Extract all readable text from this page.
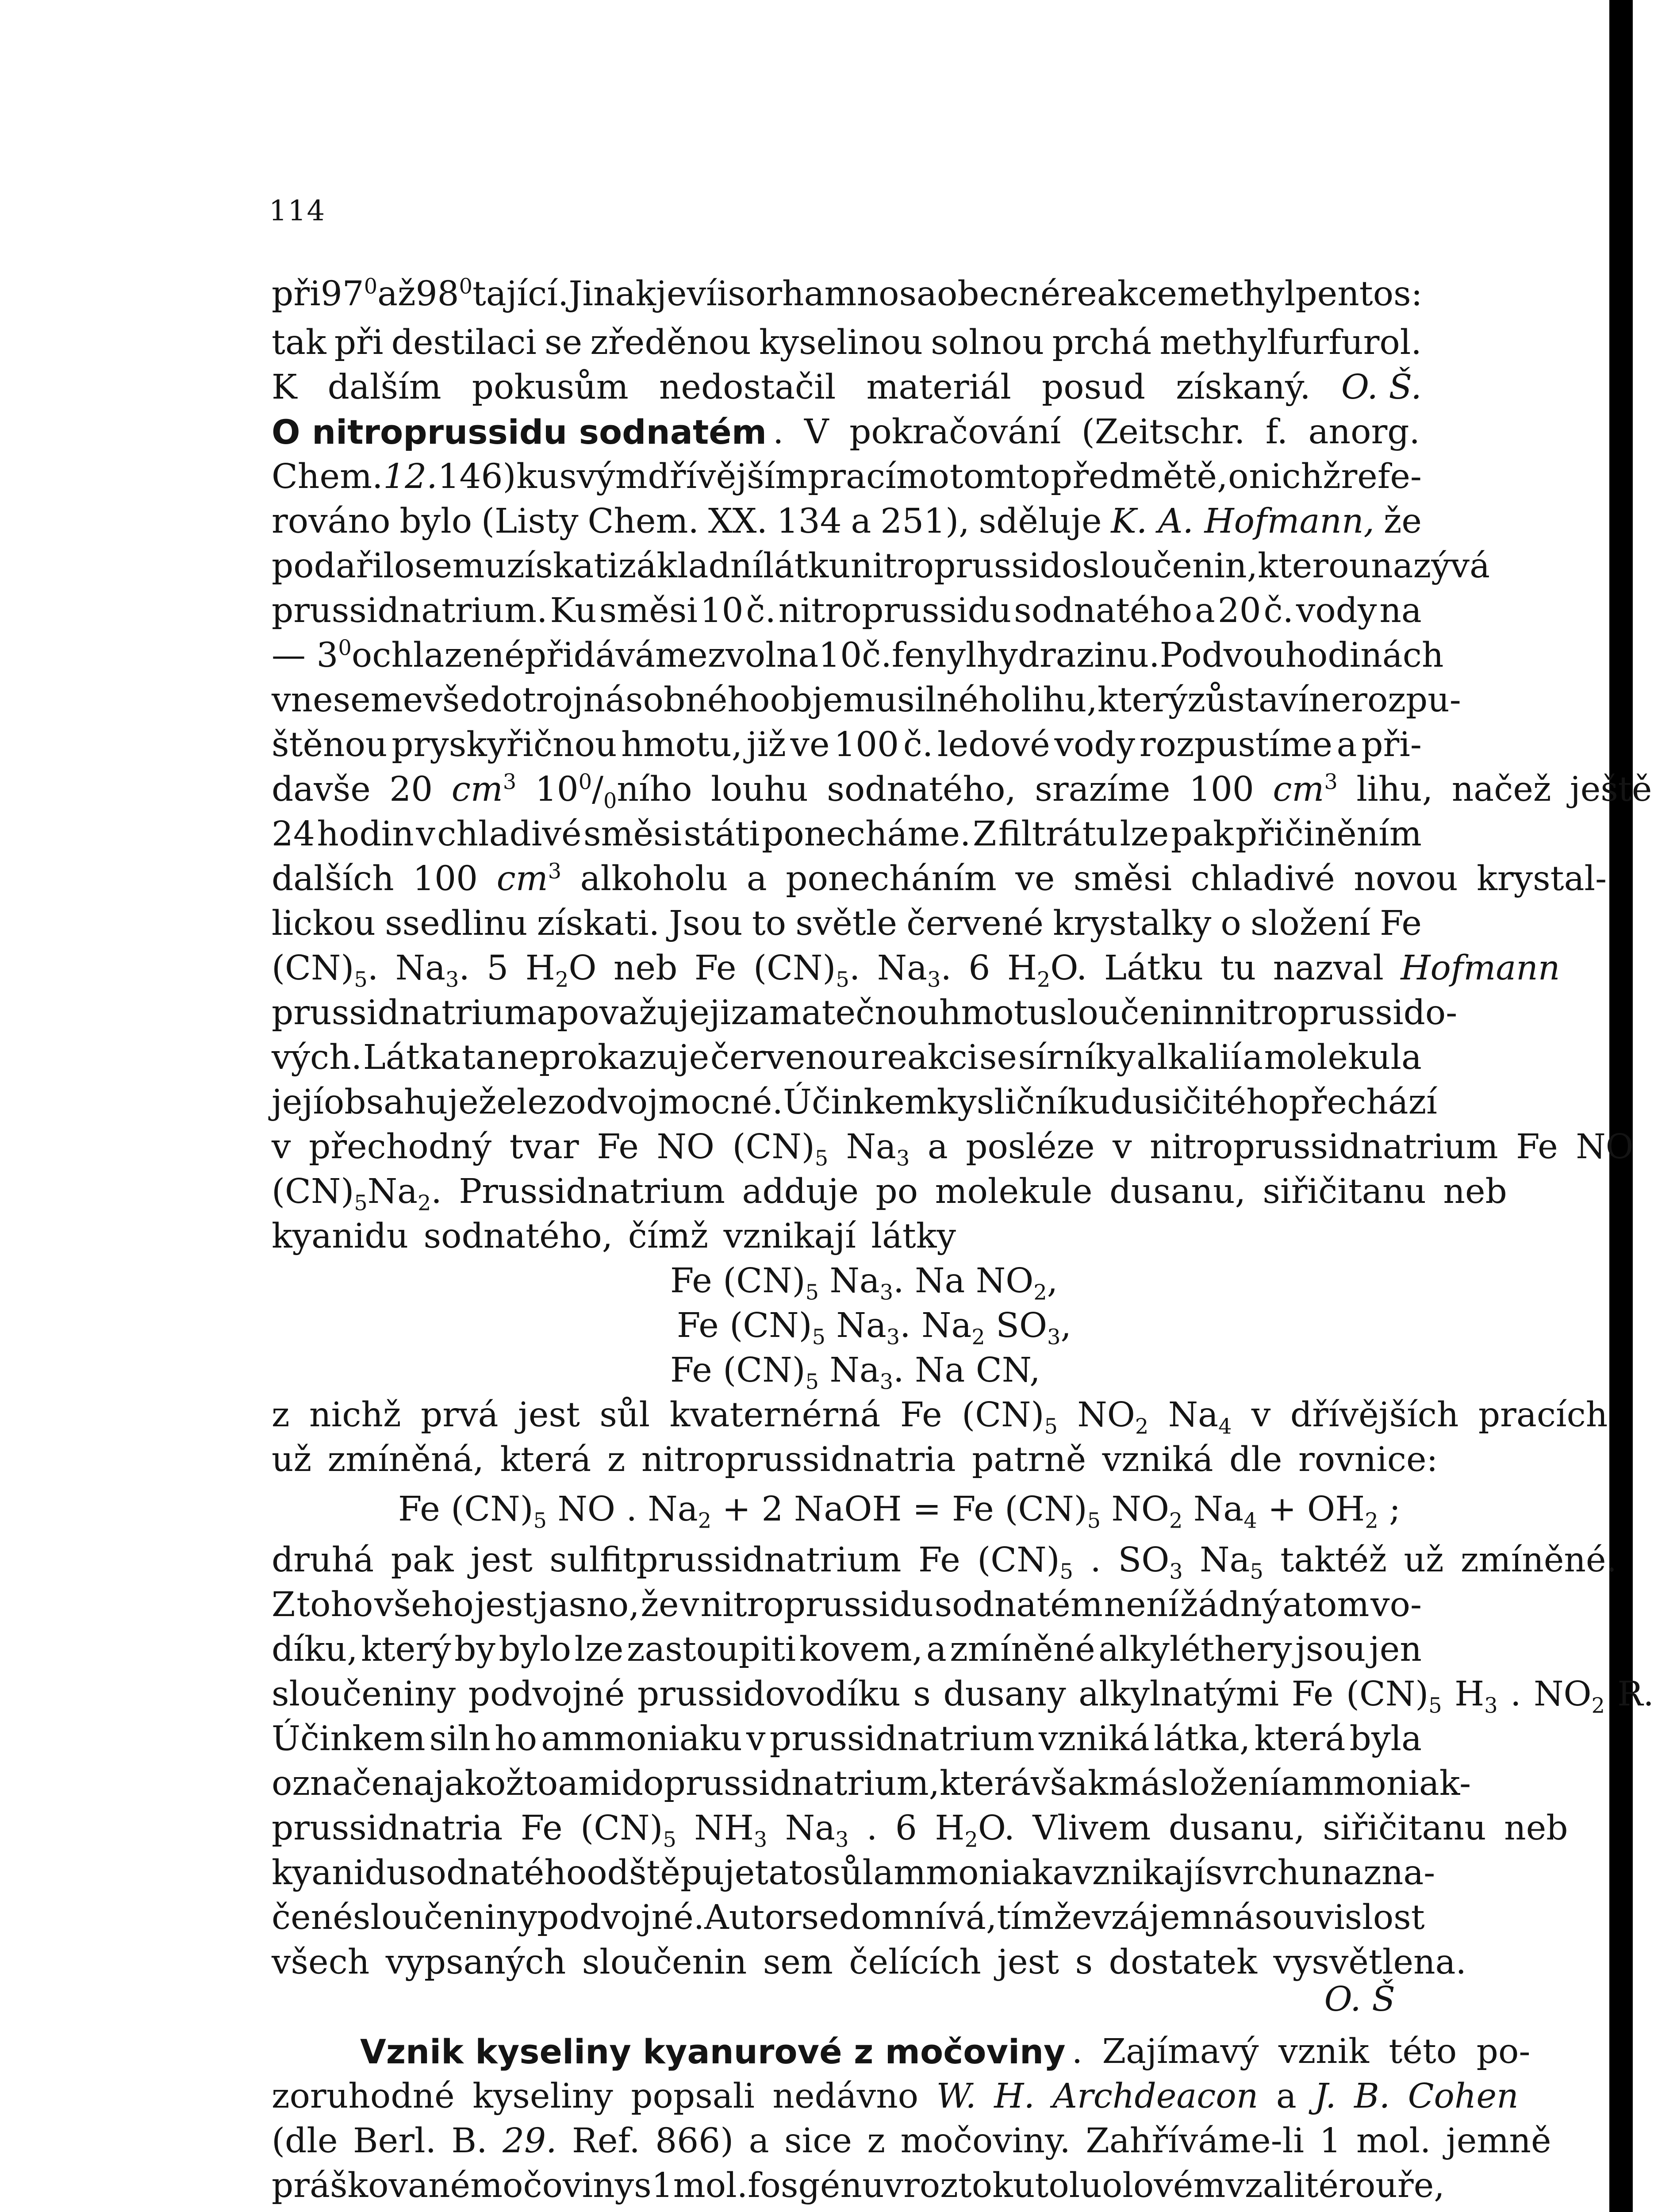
114
při $97^0$ až $98^0$ tající. Jinak jeví isorhamnosa obecné reakce methylpentos :
tak při destilaci se zředěnou kyselinou solnou prchá methylfurfurol.
K dalším pokusům nedostačil materiál posud získaný. O. Š.
O nitroprussidu sodnatém . V pokračování (Zeitschr. f. anorg.
Chem. 12. 146) ku svým dřívějším pracím o tomto předmětě, o nichž refe-
rováno bylo (Listy Chem. XX. 134 a 251), sděluje K. A. Hofmann, že
podařilo se mu získati základní látku nitroprussidosloučenin, kterou nazývá
prussidnatrium. Ku směsi 10 č. nitroprussidu sodnatého a 20 č. vody na
— $3^0$ ochlazené přidáváme zvolna 10 č. fenylhydrazinu. Po dvou hodinách
vneseme vše do trojnásobného objemu silného lihu, který zůstaví nerozpu-
štěnou pryskyřičnou hmotu, již ve 100 č. ledové vody rozpustíme a při-
davše 20 $cm^3$ $10^0/_0ního$ louhu sodnatého, srazíme 100 $cm^3$ lihu, načež ještě
24 hodin v chladivé směsi státi ponecháme. Z filtrátu lze pak přičiněním
dalších 100 $cm^3$ alkoholu a ponecháním ve směsi chladivé novou krystal-
lickou ssedlinu získati. Jsou to světle červené krystalky o složení Fe
$(CN)_5$. $Na_3$. 5 $H_2O$ neb Fe $(CN)_5$. $Na_3$. 6 $H_2O$. Látku tu nazval Hofmann
prussidnatrium a považuje ji za matečnou hmotu sloučenin nitroprussido-
vých. Látka ta neprokazuje červenou reakci se sírníky alkalií a molekula
její obsahuje železo dvojmocné. Účinkem kysličníku dusičitého přechází
v přechodný tvar Fe NO $(CN)_5$ $Na_3$ a posléze v nitroprussidnatrium Fe NO
$(CN)_5Na_2$. Prussidnatrium adduje po molekule dusanu, siřičitanu neb
kyanidu sodnatého, čímž vznikají látky
Fe $(CN)_5$ $Na_3$. Na $NO_2$,
Fe $(CN)_5$ $Na_3$. $Na_2$ $SO_3$,
Fe $(CN)_5$ $Na_3$. Na CN,
z nichž prvá jest sůl kvaternérná Fe $(CN)_5$ $NO_2$ $Na_4$ v dřívějších pracích
už zmíněná, která z nitroprussidnatria patrně vzniká dle rovnice:
Fe $(CN)_5$ NO . $Na_2 + 2$ NaOH = Fe $(CN)_5$ $NO_2$ $Na_4 + OH_2$ ;
druhá pak jest sulfitprussidnatrium Fe $(CN)_5$ . $SO_3$ $Na_5$ taktéž už zmíněné.
Z toho všeho jest jasno, že v nitroprussidu sodnatém není žádný atom vo-
díku, který by bylo lze zastoupiti kovem, a zmíněné alkyléthery jsou jen
sloučeniny podvojné prussidovodíku s dusany alkylnatými Fe $(CN)_5$ $H_3$ . $NO_2$ R.
Účinkem siln ho ammoniaku v prussidnatrium vzniká látka, která byla
označena jakožto amidoprussidnatrium, která však má složení ammoniak-
prussidnatria Fe $(CN)_5$ $NH_3$ $Na_3$ . 6 $H_2O$. Vlivem dusanu, siřičitanu neb
kyanidu sodnatého odštěpuje tato sůl ammoniak a vznikají svrchu nazna-
čené sloučeniny podvojné. Autor se domnívá, tím že vzájemná souvislost
všech vypsaných sloučenin sem čelících jest s dostatek vysvětlena.
O. Š
Vznik kyseliny kyanurové z močoviny . Zajímavý vznik této po-
zoruhodné kyseliny popsali nedávno W. H. Archdeacon a J. B. Cohen
(dle Berl. B. 29. Ref. 866) a sice z močoviny. Zahříváme-li 1 mol. jemně
práškované močoviny s 1 mol. fosgénu v roztoku toluolovém v zalité rouře,
